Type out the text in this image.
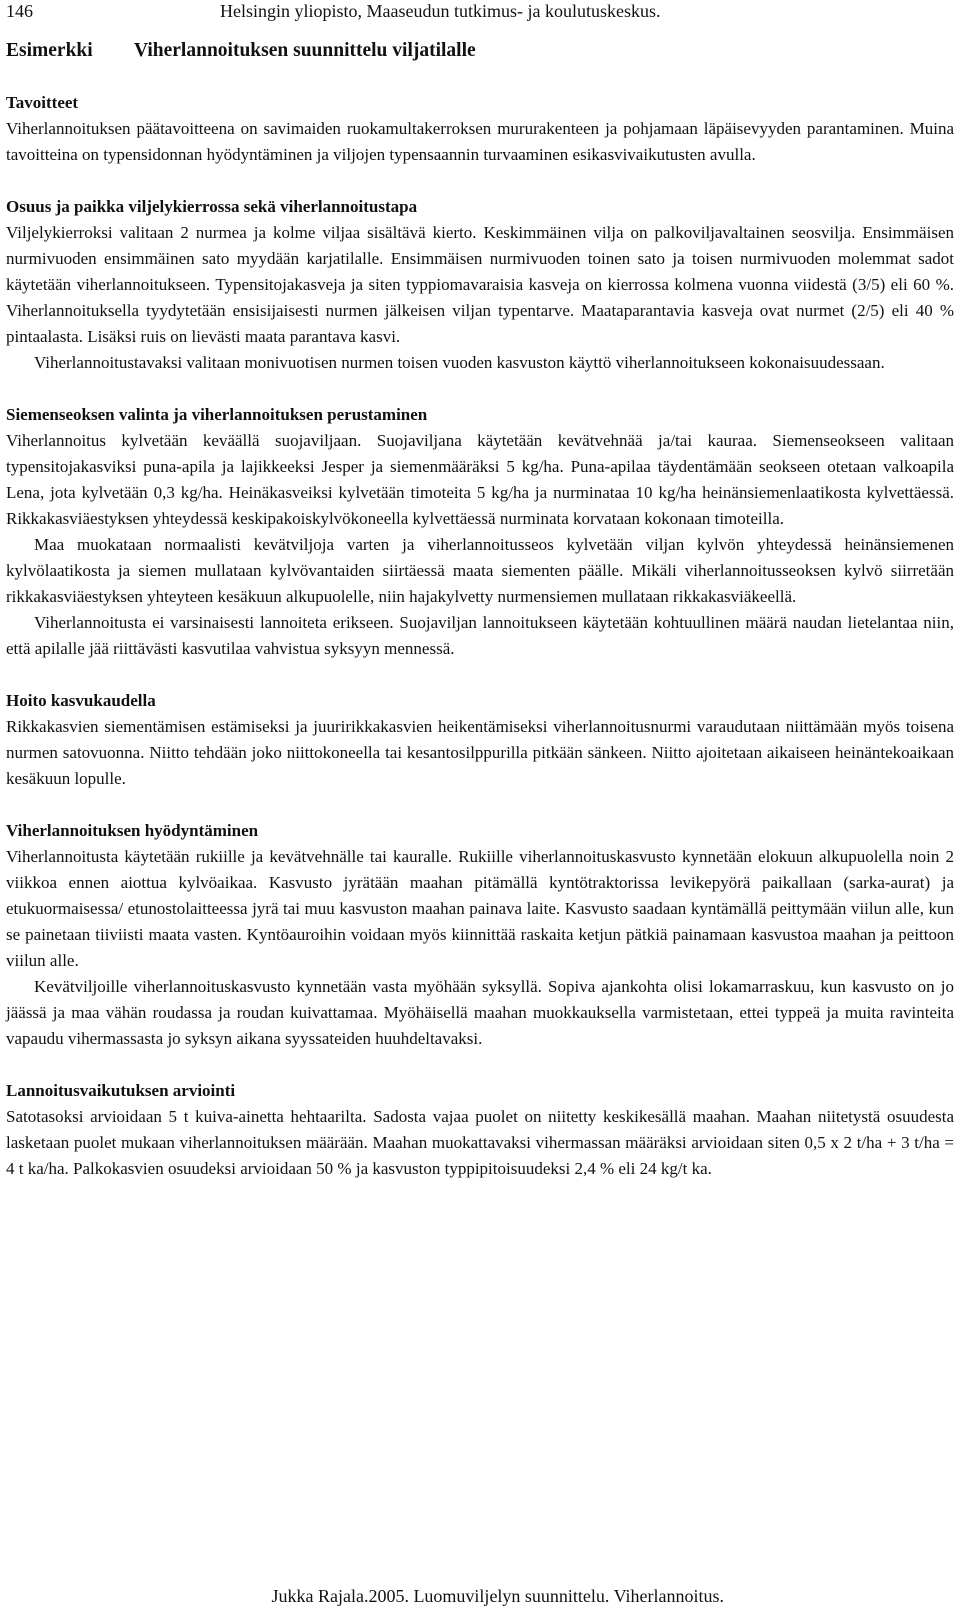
146	Helsingin yliopisto, Maaseudun tutkimus- ja koulutuskeskus.
Esimerkki Viherlannoituksen suunnittelu viljatilalle
Tavoitteet

Viherlannoituksen päätavoitteena on savimaiden ruokamultakerroksen mururakenteen ja pohjamaan läpäisevyyden parantaminen. Muina tavoitteina on typensidonnan hyödyntäminen ja viljojen typensaannin turvaaminen esikasvivaikutusten avulla.

Osuus ja paikka viljelykierrossa sekä viherlannoitustapa

Viljelykierroksi valitaan 2 nurmea ja kolme viljaa sisältävä kierto. Keskimmäinen vilja on palkoviljavaltainen seosvilja. Ensimmäisen nurmivuoden ensimmäinen sato myydään karjatilalle. Ensimmäisen nurmivuoden toinen sato ja toisen nurmivuoden molemmat sadot käytetään viherlannoitukseen. Typensitojakasveja ja siten typpiomavaraisia kasveja on kierrossa kolmena vuonna viidestä (3/5) eli 60 %. Viherlannoituksella tyydytetään ensisijaisesti nurmen jälkeisen viljan typentarve. Maataparantavia kasveja ovat nurmet (2/5) eli 40 % pintaalasta. Lisäksi ruis on lievästi maata parantava kasvi.

Viherlannoitustavaksi valitaan monivuotisen nurmen toisen vuoden kasvuston käyttö viherlannoitukseen kokonaisuudessaan.

Siemenseoksen valinta ja viherlannoituksen perustaminen

Viherlannoitus kylvetään keväällä suojaviljaan. Suojaviljana käytetään kevätvehnää ja/tai kauraa. Siemenseokseen valitaan typensitojakasviksi puna-apila ja lajikkeeksi Jesper ja siemenmääräksi 5 kg/ha. Puna-apilaa täydentämään seokseen otetaan valkoapila Lena, jota kylvetään 0,3 kg/ha. Heinäkasveiksi kylvetään timoteita 5 kg/ha ja nurminataa 10 kg/ha heinänsiemenlaatikosta kylvettäessä. Rikkakasviäestyksen yhteydessä keskipakoiskylvökoneella kylvettäessä nurminata korvataan kokonaan timoteilla.

Maa muokataan normaalisti kevätviljoja varten ja viherlannoitusseos kylvetään viljan kylvön yhteydessä heinänsiemenen kylvölaatikosta ja siemen mullataan kylvövantaiden siirtäessä maata siementen päälle. Mikäli viherlannoitusseoksen kylvö siirretään rikkakasviäestyksen yhteyteen kesäkuun alkupuolelle, niin hajakylvetty nurmensiemen mullataan rikkakasviäkeellä.

Viherlannoitusta ei varsinaisesti lannoiteta erikseen. Suojaviljan lannoitukseen käytetään kohtuullinen määrä naudan lietelantaa niin, että apilalle jää riittävästi kasvutilaa vahvistua syksyyn mennessä.

Hoito kasvukaudella

Rikkakasvien siementämisen estämiseksi ja juuririkkakasvien heikentämiseksi viherlannoitusnurmi varaudutaan niittämään myös toisena nurmen satovuonna. Niitto tehdään joko niittokoneella tai kesantosilppurilla pitkään sänkeen. Niitto ajoitetaan aikaiseen heinäntekoaikaan kesäkuun lopulle.

Viherlannoituksen hyödyntäminen

Viherlannoitusta käytetään rukiille ja kevätvehnälle tai kauralle. Rukiille viherlannoituskasvusto kynnetään elokuun alkupuolella noin 2 viikkoa ennen aiottua kylvöaikaa. Kasvusto jyrätään maahan pitämällä kyntötraktorissa levikepyörä paikallaan (sarka-aurat) ja etukuormaisessa/ etunostolaitteessa jyrä tai muu kasvuston maahan painava laite. Kasvusto saadaan kyntämällä peittymään viilun alle, kun se painetaan tiiviisti maata vasten. Kyntöauroihin voidaan myös kiinnittää raskaita ketjun pätkiä painamaan kasvustoa maahan ja peittoon viilun alle.

Kevätviljoille viherlannoituskasvusto kynnetään vasta myöhään syksyllä. Sopiva ajankohta olisi lokamarraskuu, kun kasvusto on jo jäässä ja maa vähän roudassa ja roudan kuivattamaa. Myöhäisellä maahan muokkauksella varmistetaan, ettei typpeä ja muita ravinteita vapaudu vihermassasta jo syksyn aikana syyssateiden huuhdeltavaksi.

Lannoitusvaikutuksen arviointi

Satotasoksi arvioidaan 5 t kuiva-ainetta hehtaarilta. Sadosta vajaa puolet on niitetty keskikesällä maahan. Maahan niitetystä osuudesta lasketaan puolet mukaan viherlannoituksen määrään. Maahan muokattavaksi vihermassan määräksi arvioidaan siten 0,5 x 2 t/ha + 3 t/ha = 4 t ka/ha. Palkokasvien osuudeksi arvioidaan 50 % ja kasvuston typpipitoisuudeksi 2,4 % eli 24 kg/t ka.

Jukka Rajala.2005. Luomuviljelyn suunnittelu. Viherlannoitus.
